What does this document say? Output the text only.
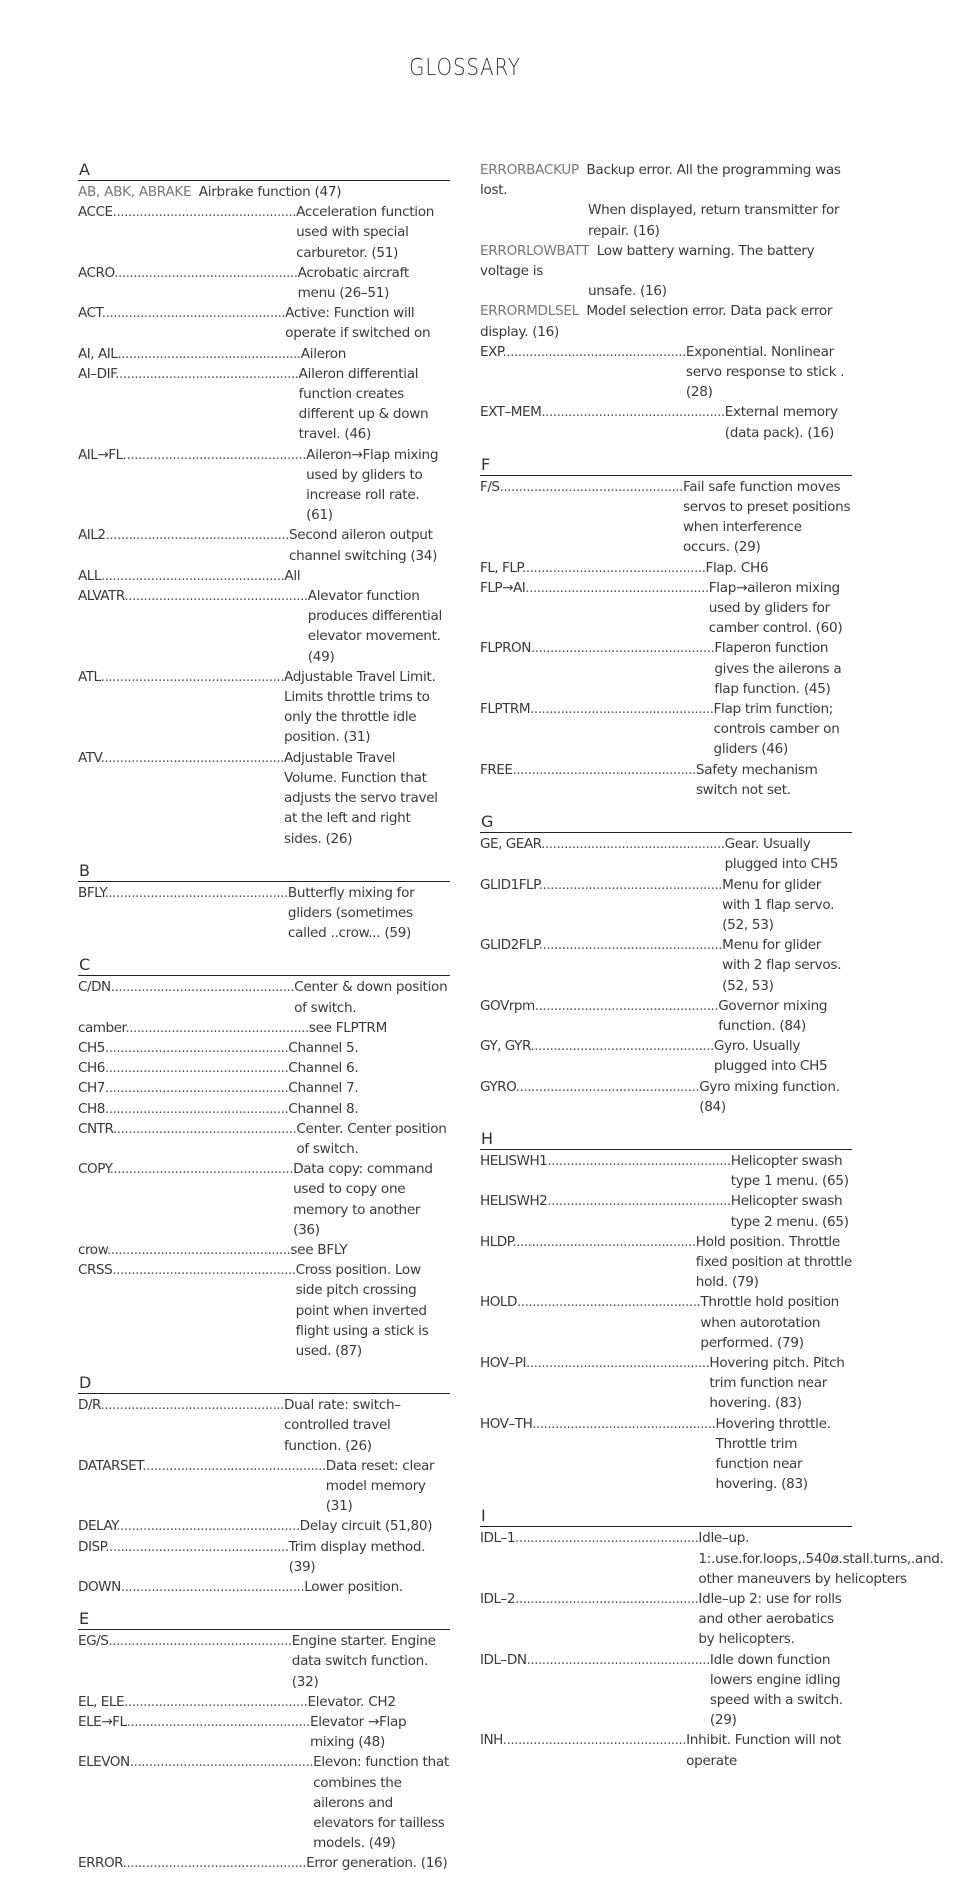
GLOSSARY
A
AB, ABK, ABRAKE  Airbrake function (47)
ACCE................................................ Acceleration function used with special carburetor. (51)
ACRO................................................ Acrobatic aircraft menu (26–51)
ACT................................................ Active: Function will operate if switched on
AI, AIL................................................ Aileron
AI–DIF................................................ Aileron differential function creates different up & down travel. (46)
AIL→FL................................................ Aileron→Flap mixing used by gliders to increase roll rate. (61)
AIL2................................................ Second aileron output channel switching (34)
ALL................................................ All
ALVATR................................................ Alevator function produces differential elevator movement. (49)
ATL................................................ Adjustable Travel Limit. Limits throttle trims to only the throttle idle position. (31)
ATV................................................ Adjustable Travel Volume. Function that adjusts the servo travel at the left and right sides. (26)
B
BFLY................................................ Butterfly mixing for gliders (sometimes called ..crow... (59)
C
C/DN................................................ Center & down position of switch.
camber................................................ see FLPTRM
CH5................................................ Channel 5.
CH6................................................ Channel 6.
CH7................................................ Channel 7.
CH8................................................ Channel 8.
CNTR................................................ Center. Center position of switch.
COPY................................................ Data copy: command used to copy one memory to another (36)
crow................................................ see BFLY
CRSS................................................ Cross position. Low side pitch crossing point when inverted flight using a stick is used. (87)
D
D/R................................................ Dual rate: switch–controlled travel function. (26)
DATARSET................................................ Data reset: clear model memory (31)
DELAY................................................ Delay circuit (51,80)
DISP................................................ Trim display method. (39)
DOWN................................................ Lower position.
E
EG/S................................................ Engine starter. Engine data switch function. (32)
EL, ELE................................................ Elevator. CH2
ELE→FL................................................ Elevator →Flap mixing (48)
ELEVON................................................ Elevon: function that combines the ailerons and elevators for tailless models. (49)
ERROR................................................ Error generation. (16)
ERRORBACKUP  Backup error. All the programming was lost.
When displayed, return transmitter for repair. (16)
ERRORLOWBATT  Low battery warning. The battery voltage is
unsafe. (16)
ERRORMDLSEL  Model selection error. Data pack error display. (16)
EXP................................................ Exponential. Nonlinear servo response to stick . (28)
EXT–MEM................................................ External memory (data pack). (16)
F
F/S................................................ Fail safe function moves servos to preset positions when interference occurs. (29)
FL, FLP................................................ Flap. CH6
FLP→AI................................................ Flap→aileron mixing used by gliders for camber control. (60)
FLPRON................................................ Flaperon function gives the ailerons a flap function. (45)
FLPTRM................................................ Flap trim function; controls camber on gliders (46)
FREE................................................ Safety mechanism switch not set.
G
GE, GEAR................................................ Gear. Usually plugged into CH5
GLID1FLP................................................ Menu for glider with 1 flap servo. (52, 53)
GLID2FLP................................................ Menu for glider with 2 flap servos. (52, 53)
GOVrpm................................................ Governor mixing function. (84)
GY, GYR................................................ Gyro. Usually plugged into CH5
GYRO................................................ Gyro mixing function. (84)
H
HELISWH1................................................ Helicopter swash type 1 menu. (65)
HELISWH2................................................ Helicopter swash type 2 menu. (65)
HLDP................................................ Hold position. Throttle fixed position at throttle hold. (79)
HOLD................................................ Throttle hold position when autorotation performed. (79)
HOV–PI................................................ Hovering pitch. Pitch trim function near hovering. (83)
HOV–TH................................................ Hovering throttle. Throttle trim function near hovering. (83)
I
IDL–1................................................ Idle–up. 1:.use.for.loops,.540ø.stall.turns,.and. other maneuvers by helicopters
IDL–2................................................ Idle–up 2: use for rolls and other aerobatics by helicopters.
IDL–DN................................................ Idle down function lowers engine idling speed with a switch. (29)
INH................................................ Inhibit. Function will not operate
